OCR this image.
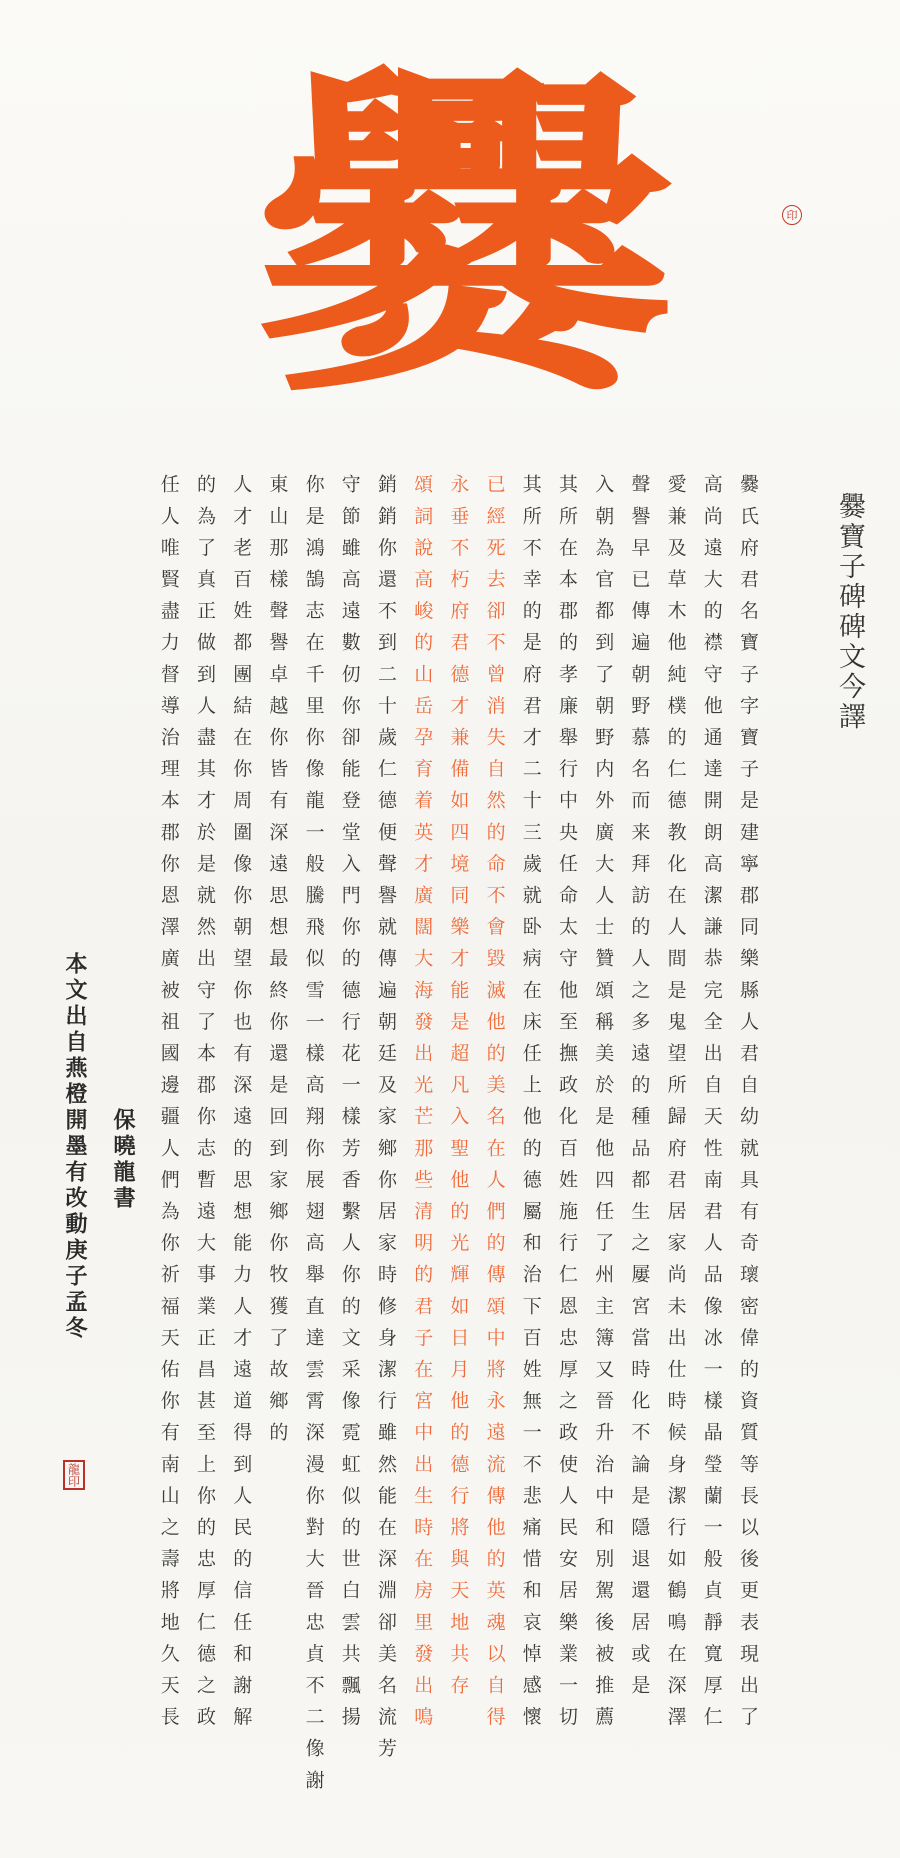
爨	印
爨寶子碑碑文今譯
爨氏府君名寶子字寶子是建寧郡同樂縣人君自幼就具有奇瓌密偉的資質等長以後更表現出了
高尚遠大的襟守他通達開朗高潔謙恭完全出自天性南君人品像冰一樣晶瑩蘭一般貞靜寬厚仁
愛兼及草木他純樸的仁德教化在人間是鬼望所歸府君居家尚未出仕時候身潔行如鶴鳴在深澤
聲譽早已傳遍朝野慕名而来拜訪的人之多遠的種品都生之屢宮當時化不論是隱退還居或是
入朝為官都到了朝野内外廣大人士贊頌稱美於是他四任了州主簿又晉升治中和別駕後被推薦
其所在本郡的孝廉舉行中央任命太守他至撫政化百姓施行仁恩忠厚之政使人民安居樂業一切
其所不幸的是府君才二十三歲就卧病在床任上他的德屬和治下百姓無一不悲痛惜和哀悼感懷
已經死去卻不曾消失自然的命不會毀滅他的美名在人們的傳頌中將永遠流傳他的英魂以自得
永垂不朽府君德才兼備如四境同樂才能是超凡入聖他的光輝如日月他的德行將與天地共存
頌詞說高峻的山岳孕育着英才廣闊大海發出光芒那些清明的君子在宮中出生時在房里發出鳴
銷銷你還不到二十歲仁德便聲譽就傳遍朝廷及家鄉你居家時修身潔行雖然能在深淵卻美名流芳
守節雖高遠數仞你卻能登堂入門你的德行花一樣芳香繫人你的文采像霓虹似的世白雲共飄揚
你是鴻鵠志在千里你像龍一般騰飛似雪一樣高翔你展翅高舉直達雲霄深漫你對大晉忠貞不二像謝
東山那樣聲譽卓越你皆有深遠思想最終你還是回到家鄉你牧獲了故鄉的
人才老百姓都團結在你周圍像你朝望你也有深遠的思想能力人才遠道得到人民的信任和謝解
的為了真正做到人盡其才於是就然出守了本郡你志暫遠大事業正昌甚至上你的忠厚仁德之政
任人唯賢盡力督導治理本郡你恩澤廣被祖國邊疆人們為你祈福天佑你有南山之壽將地久天長
本文出自燕橙開墨有改動庚子孟冬
龍印
保曉龍書
